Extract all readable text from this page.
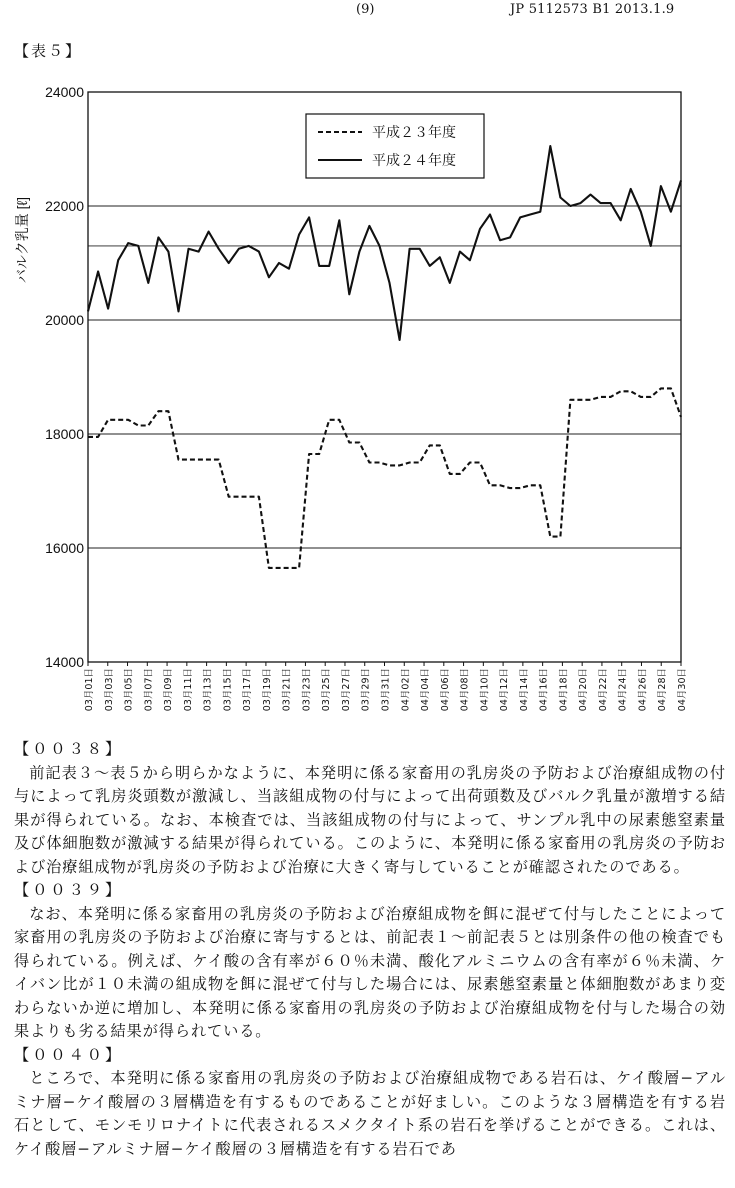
(9)	JP 5112573 B1 2013.1.9
【表５】
14000
16000
18000
20000
22000
24000
03月01日 03月03日 03月05日 03月07日 03月09日 03月11日 03月13日 03月15日 03月17日 03月19日 03月21日 03月23日 03月25日 03月27日 03月29日 03月31日 04月02日 04月04日 04月06日 04月08日 04月10日 04月12日 04月14日 04月16日 04月18日 04月20日 04月22日 04月24日 04月26日 04月28日 04月30日
バルク乳量 [ℓ]
平成２３年度
平成２４年度
【００３８】

前記表３〜表５から明らかなように、本発明に係る家畜用の乳房炎の予防および治療組成物の付与によって乳房炎頭数が激減し、当該組成物の付与によって出荷頭数及びバルク乳量が激増する結果が得られている。なお、本検査では、当該組成物の付与によって、サンプル乳中の尿素態窒素量及び体細胞数が激減する結果が得られている。このように、本発明に係る家畜用の乳房炎の予防および治療組成物が乳房炎の予防および治療に大きく寄与していることが確認されたのである。

【００３９】

なお、本発明に係る家畜用の乳房炎の予防および治療組成物を餌に混ぜて付与したことによって家畜用の乳房炎の予防および治療に寄与するとは、前記表１〜前記表５とは別条件の他の検査でも得られている。例えば、ケイ酸の含有率が６０％未満、酸化アルミニウムの含有率が６％未満、ケイバン比が１０未満の組成物を餌に混ぜて付与した場合には、尿素態窒素量と体細胞数があまり変わらないか逆に増加し、本発明に係る家畜用の乳房炎の予防および治療組成物を付与した場合の効果よりも劣る結果が得られている。

【００４０】

ところで、本発明に係る家畜用の乳房炎の予防および治療組成物である岩石は、ケイ酸層−アルミナ層−ケイ酸層の３層構造を有するものであることが好ましい。このような３層構造を有する岩石として、モンモリロナイトに代表されるスメクタイト系の岩石を挙げることができる。これは、ケイ酸層−アルミナ層−ケイ酸層の３層構造を有する岩石であ
